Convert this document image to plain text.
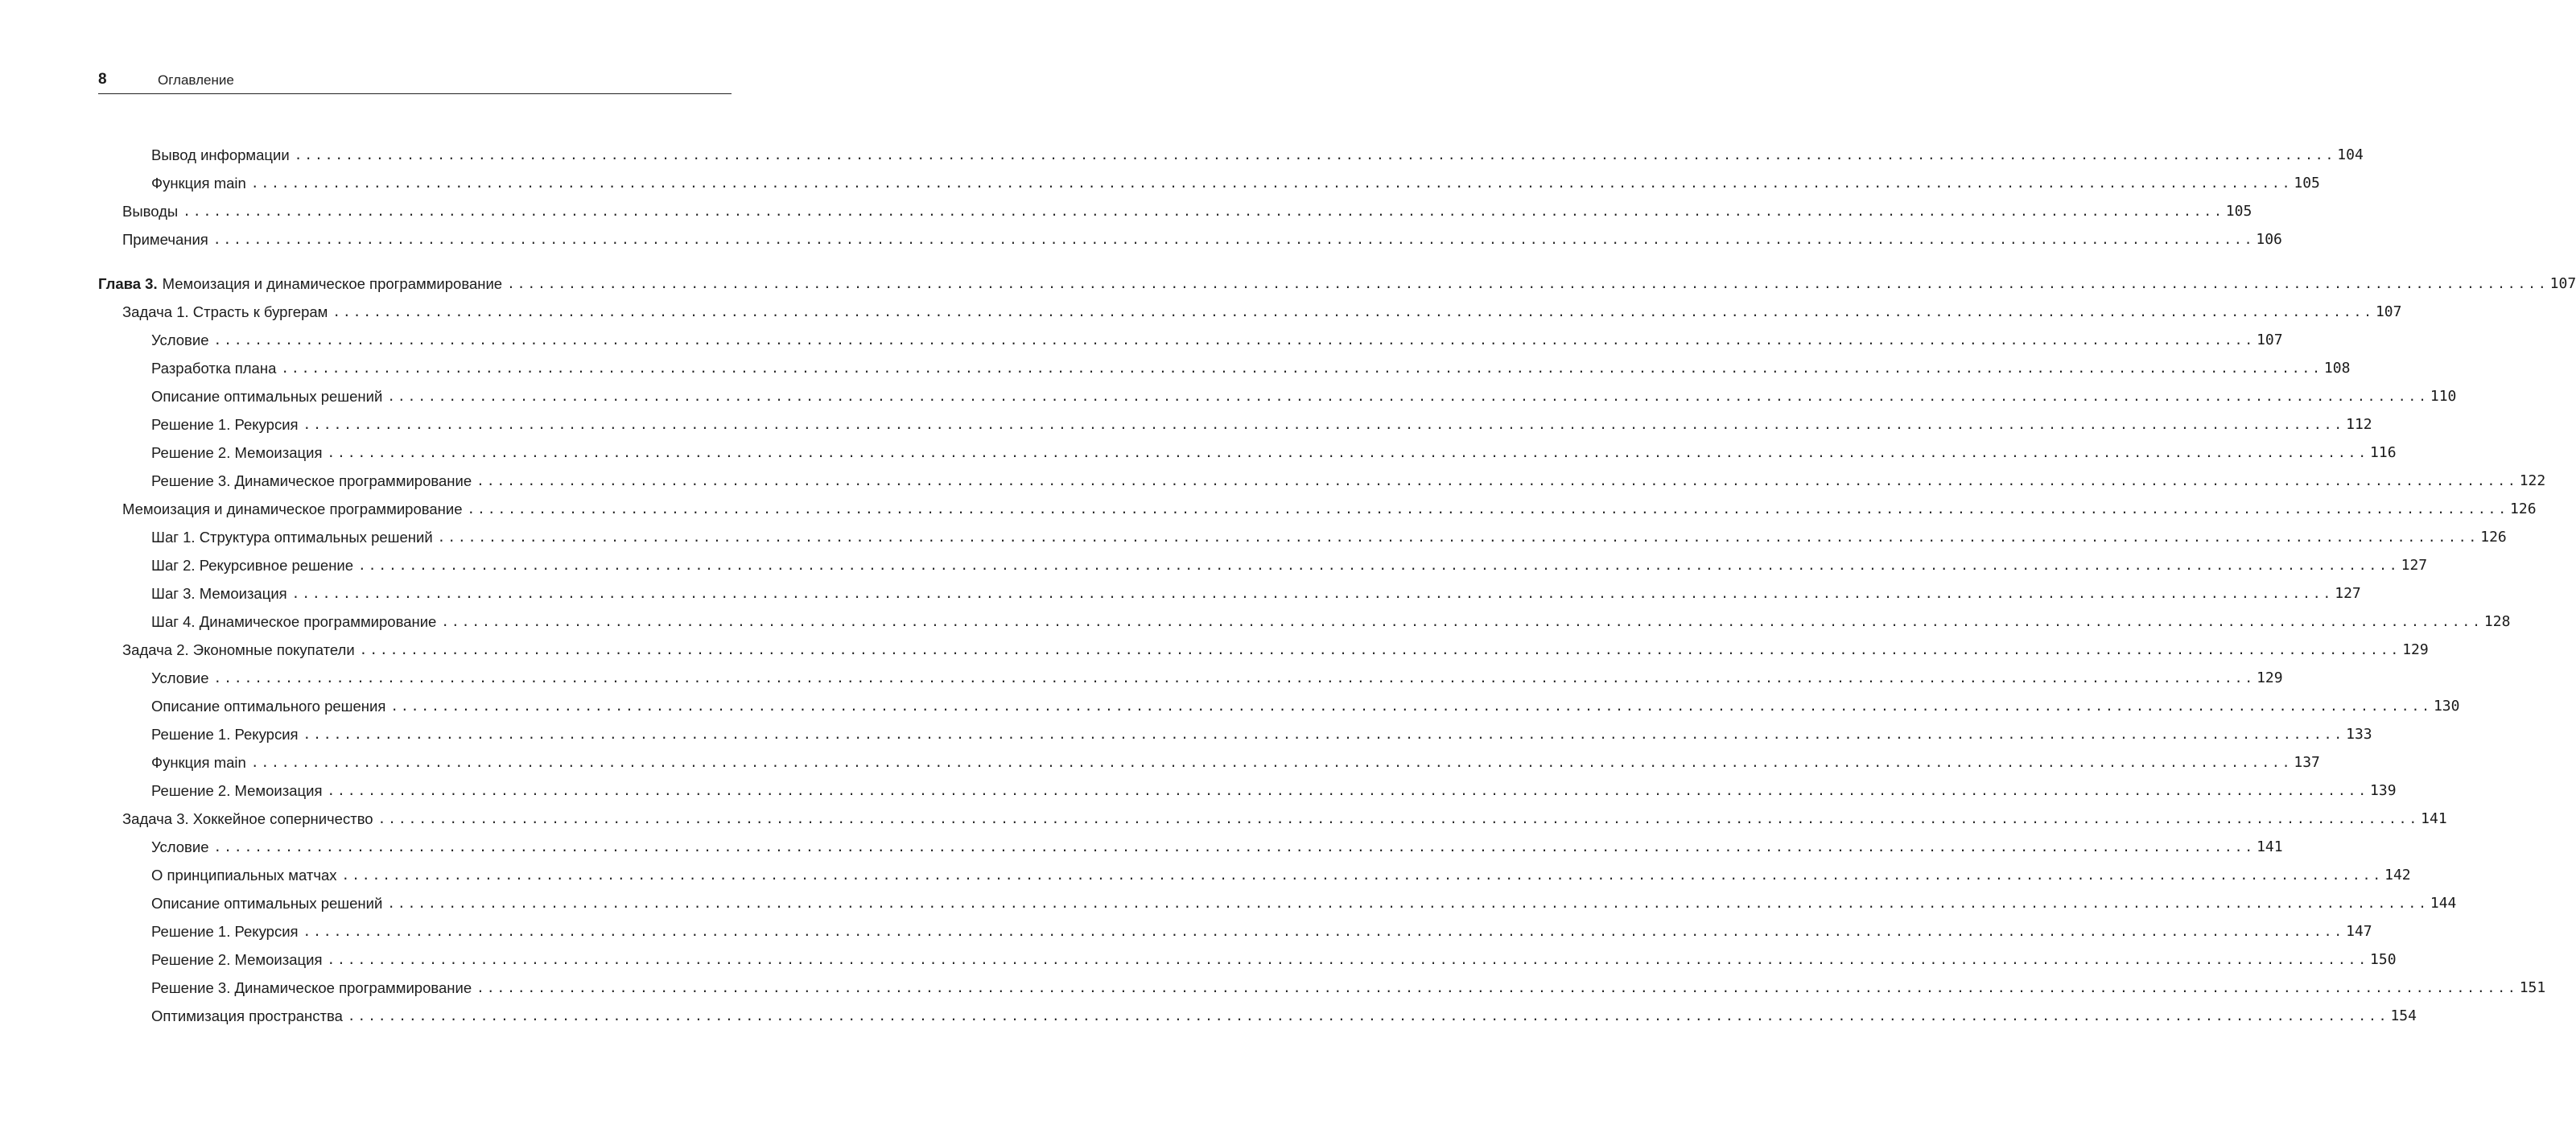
8	Оглавление
Вывод информации ........................................................................................................................................................................................................ 104
Функция main ........................................................................................................................................................................................................ 105
Выводы ........................................................................................................................................................................................................ 105
Примечания ........................................................................................................................................................................................................ 106
Глава 3. Мемоизация и динамическое программирование ........................................................................................................................................................................................................ 107
Задача 1. Страсть к бургерам ........................................................................................................................................................................................................ 107
Условие ........................................................................................................................................................................................................ 107
Разработка плана ........................................................................................................................................................................................................ 108
Описание оптимальных решений ........................................................................................................................................................................................................ 110
Решение 1. Рекурсия ........................................................................................................................................................................................................ 112
Решение 2. Мемоизация ........................................................................................................................................................................................................ 116
Решение 3. Динамическое программирование ........................................................................................................................................................................................................ 122
Мемоизация и динамическое программирование ........................................................................................................................................................................................................ 126
Шаг 1. Структура оптимальных решений ........................................................................................................................................................................................................ 126
Шаг 2. Рекурсивное решение ........................................................................................................................................................................................................ 127
Шаг 3. Мемоизация ........................................................................................................................................................................................................ 127
Шаг 4. Динамическое программирование ........................................................................................................................................................................................................ 128
Задача 2. Экономные покупатели ........................................................................................................................................................................................................ 129
Условие ........................................................................................................................................................................................................ 129
Описание оптимального решения ........................................................................................................................................................................................................ 130
Решение 1. Рекурсия ........................................................................................................................................................................................................ 133
Функция main ........................................................................................................................................................................................................ 137
Решение 2. Мемоизация ........................................................................................................................................................................................................ 139
Задача 3. Хоккейное соперничество ........................................................................................................................................................................................................ 141
Условие ........................................................................................................................................................................................................ 141
О принципиальных матчах ........................................................................................................................................................................................................ 142
Описание оптимальных решений ........................................................................................................................................................................................................ 144
Решение 1. Рекурсия ........................................................................................................................................................................................................ 147
Решение 2. Мемоизация ........................................................................................................................................................................................................ 150
Решение 3. Динамическое программирование ........................................................................................................................................................................................................ 151
Оптимизация пространства ........................................................................................................................................................................................................ 154
